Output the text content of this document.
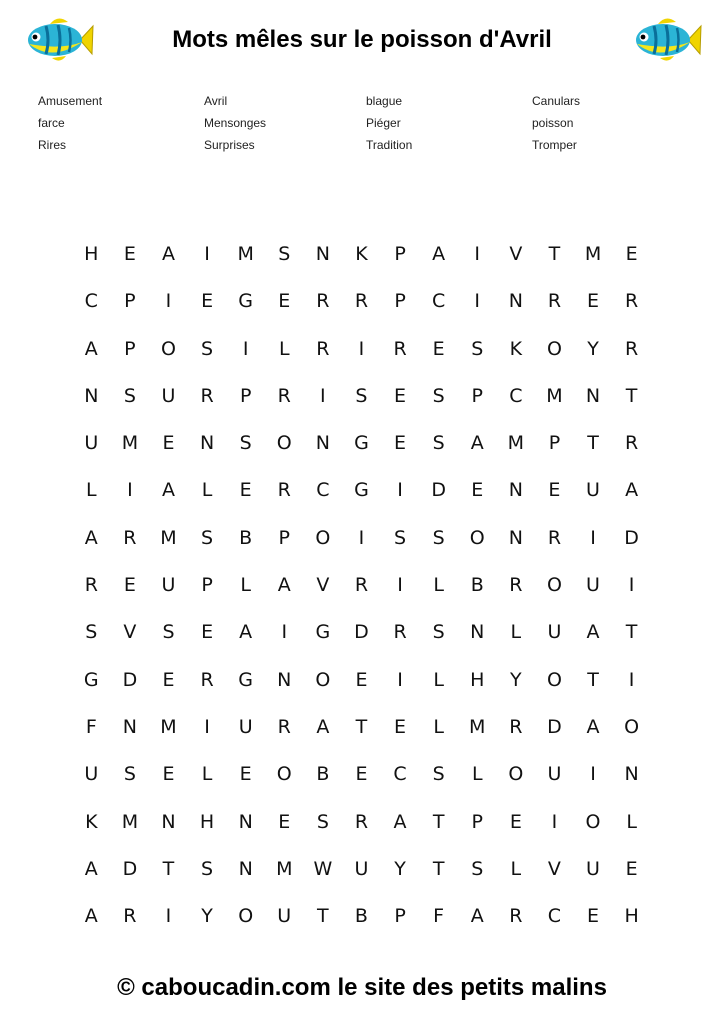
Mots mêles sur le poisson d'Avril
Amusement	Avril	blague	Canulars
farce	Mensonges	Piéger	poisson
Rires	Surprises	Tradition	Tromper
H	E	A	I	M	S	N	K	P	A	I	V	T	M	E
C	P	I	E	G	E	R	R	P	C	I	N	R	E	R
A	P	O	S	I	L	R	I	R	E	S	K	O	Y	R
N	S	U	R	P	R	I	S	E	S	P	C	M	N	T
U	M	E	N	S	O	N	G	E	S	A	M	P	T	R
L	I	A	L	E	R	C	G	I	D	E	N	E	U	A
A	R	M	S	B	P	O	I	S	S	O	N	R	I	D
R	E	U	P	L	A	V	R	I	L	B	R	O	U	I
S	V	S	E	A	I	G	D	R	S	N	L	U	A	T
G	D	E	R	G	N	O	E	I	L	H	Y	O	T	I
F	N	M	I	U	R	A	T	E	L	M	R	D	A	O
U	S	E	L	E	O	B	E	C	S	L	O	U	I	N
K	M	N	H	N	E	S	R	A	T	P	E	I	O	L
A	D	T	S	N	M	W	U	Y	T	S	L	V	U	E
A	R	I	Y	O	U	T	B	P	F	A	R	C	E	H
© caboucadin.com le site des petits malins
